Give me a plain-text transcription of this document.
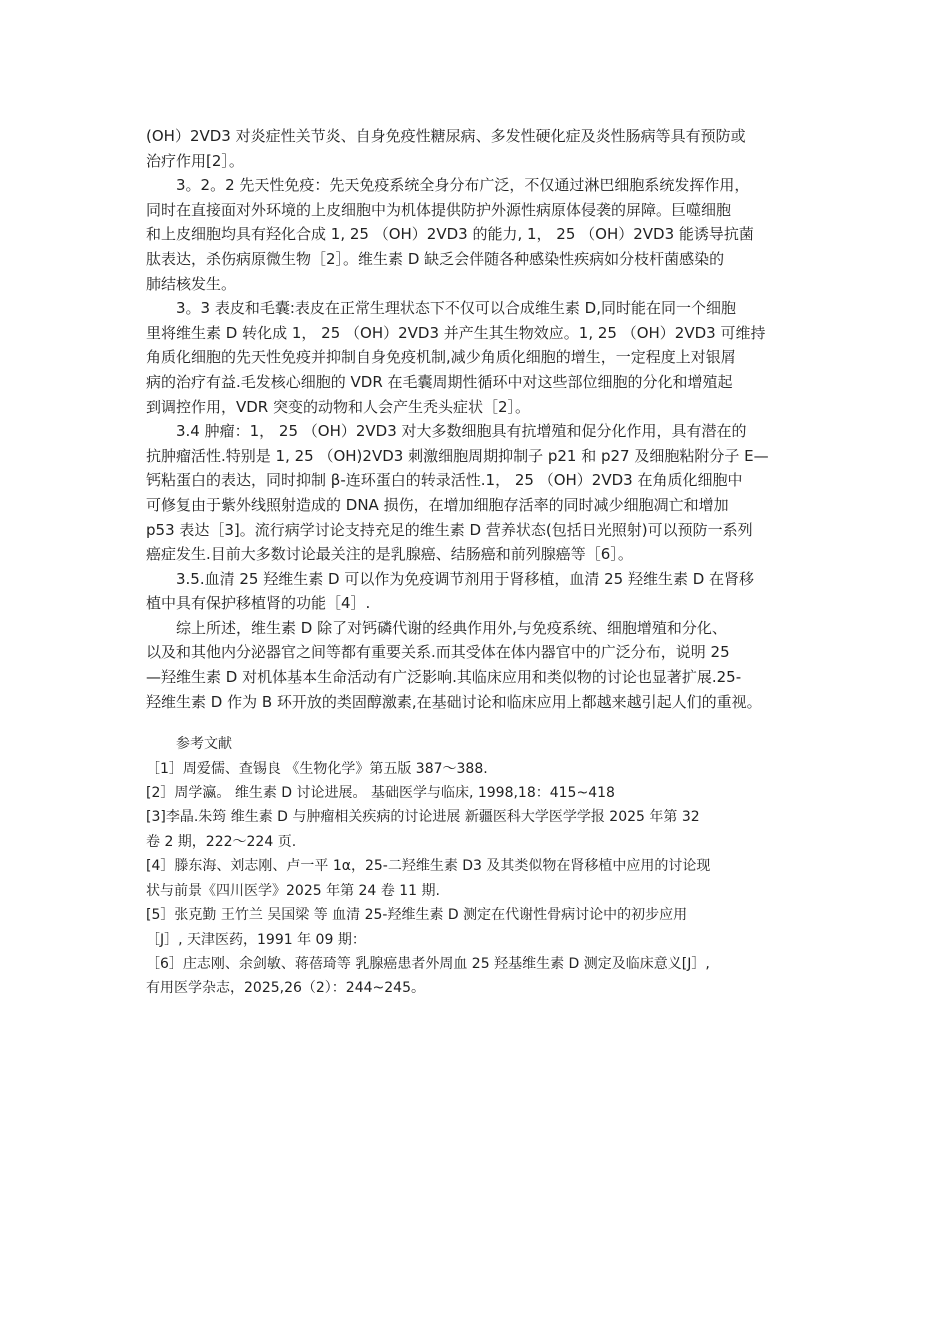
(OH）2VD3 对炎症性关节炎、自身免疫性糖尿病、多发性硬化症及炎性肠病等具有预防或
治疗作用[2］。
3。2。2 先天性免疫：先天免疫系统全身分布广泛，不仅通过淋巴细胞系统发挥作用，
同时在直接面对外环境的上皮细胞中为机体提供防护外源性病原体侵袭的屏障。巨噬细胞
和上皮细胞均具有羟化合成 1, 25 （OH）2VD3 的能力, 1， 25 （OH）2VD3 能诱导抗菌
肽表达，杀伤病原微生物［2］。维生素 D 缺乏会伴随各种感染性疾病如分枝杆菌感染的
肺结核发生。
3。3 表皮和毛囊:表皮在正常生理状态下不仅可以合成维生素 D,同时能在同一个细胞
里将维生素 D 转化成 1， 25 （OH）2VD3 并产生其生物效应。1, 25 （OH）2VD3 可维持
角质化细胞的先天性免疫并抑制自身免疫机制,减少角质化细胞的增生，一定程度上对银屑
病的治疗有益.毛发核心细胞的 VDR 在毛囊周期性循环中对这些部位细胞的分化和增殖起
到调控作用，VDR 突变的动物和人会产生秃头症状［2］。
3.4 肿瘤：1， 25 （OH）2VD3 对大多数细胞具有抗增殖和促分化作用，具有潜在的
抗肿瘤活性.特别是 1, 25 （OH)2VD3 刺激细胞周期抑制子 p21 和 p27 及细胞粘附分子 E—
钙粘蛋白的表达，同时抑制 β-连环蛋白的转录活性.1， 25 （OH）2VD3 在角质化细胞中
可修复由于紫外线照射造成的 DNA 损伤，在增加细胞存活率的同时减少细胞凋亡和增加
p53 表达［3]。流行病学讨论支持充足的维生素 D 营养状态(包括日光照射)可以预防一系列
癌症发生.目前大多数讨论最关注的是乳腺癌、结肠癌和前列腺癌等［6］。
3.5.血清 25 羟维生素 D 可以作为免疫调节剂用于肾移植，血清 25 羟维生素 D 在肾移
植中具有保护移植肾的功能［4］.
综上所述，维生素 D 除了对钙磷代谢的经典作用外,与免疫系统、细胞增殖和分化、
以及和其他内分泌器官之间等都有重要关系.而其受体在体内器官中的广泛分布，说明 25
—羟维生素 D 对机体基本生命活动有广泛影响.其临床应用和类似物的讨论也显著扩展.25-
羟维生素 D 作为 B 环开放的类固醇激素,在基础讨论和临床应用上都越来越引起人们的重视。
参考文献
［1］周爱儒、查锡良 《生物化学》第五版 387～388.
[2］周学瀛。 维生素 D 讨论进展。 基础医学与临床, 1998,18：415~418
[3]李晶.朱筠 维生素 D 与肿瘤相关疾病的讨论进展 新疆医科大学医学学报 2025 年第 32
卷 2 期，222～224 页.
[4］滕东海、刘志刚、卢一平 1α，25-二羟维生素 D3 及其类似物在肾移植中应用的讨论现
状与前景《四川医学》2025 年第 24 卷 11 期.
[5］张克勤 王竹兰 吴国梁 等 血清 25-羟维生素 D 测定在代谢性骨病讨论中的初步应用
［J］, 天津医药，1991 年 09 期：
［6］庄志刚、余剑敏、蒋蓓琦等 乳腺癌患者外周血 25 羟基维生素 D 测定及临床意义[J］,
有用医学杂志，2025,26（2）：244~245。
